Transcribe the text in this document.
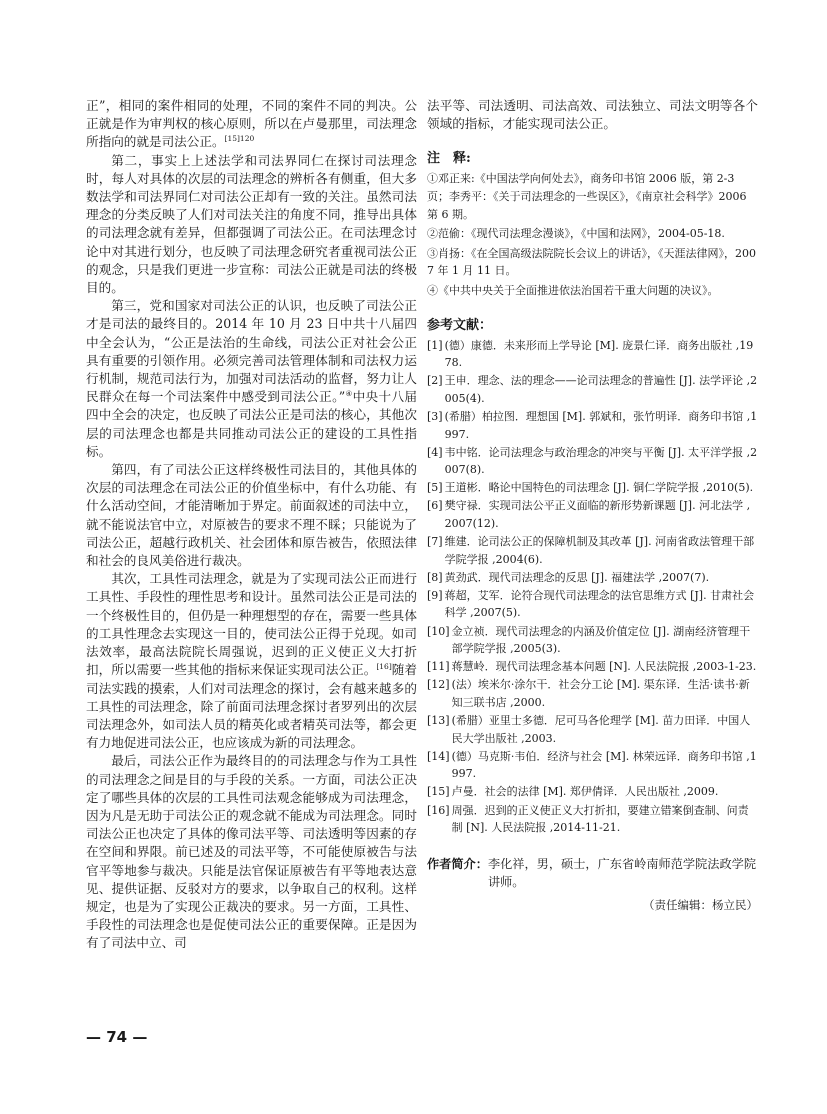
正”，相同的案件相同的处理，不同的案件不同的判决。公正就是作为审判权的核心原则，所以在卢曼那里，司法理念所指向的就是司法公正。$^{[15]120}$

第二，事实上上述法学和司法界同仁在探讨司法理念时，每人对具体的次层的司法理念的辨析各有侧重，但大多数法学和司法界同仁对司法公正却有一致的关注。虽然司法理念的分类反映了人们对司法关注的角度不同，推导出具体的司法理念就有差异，但都强调了司法公正。在司法理念讨论中对其进行划分，也反映了司法理念研究者重视司法公正的观念，只是我们更进一步宣称：司法公正就是司法的终极目的。

第三，党和国家对司法公正的认识，也反映了司法公正才是司法的最终目的。2014 年 10 月 23 日中共十八届四中全会认为，“公正是法治的生命线，司法公正对社会公正具有重要的引领作用。必须完善司法管理体制和司法权力运行机制，规范司法行为，加强对司法活动的监督，努力让人民群众在每一个司法案件中感受到司法公正。”④中央十八届四中全会的决定，也反映了司法公正是司法的核心，其他次层的司法理念也都是共同推动司法公正的建设的工具性指标。

第四，有了司法公正这样终极性司法目的，其他具体的次层的司法理念在司法公正的价值坐标中，有什么功能、有什么活动空间，才能清晰加于界定。前面叙述的司法中立，就不能说法官中立，对原被告的要求不理不睬；只能说为了司法公正，超越行政机关、社会团体和原告被告，依照法律和社会的良风美俗进行裁决。

其次，工具性司法理念，就是为了实现司法公正而进行工具性、手段性的理性思考和设计。虽然司法公正是司法的一个终极性目的，但仍是一种理想型的存在，需要一些具体的工具性理念去实现这一目的，使司法公正得于兑现。如司法效率，最高法院院长周强说，迟到的正义使正义大打折扣，所以需要一些其他的指标来保证实现司法公正。[16]随着司法实践的摸索，人们对司法理念的探讨，会有越来越多的工具性的司法理念，除了前面司法理念探讨者罗列出的次层司法理念外，如司法人员的精英化或者精英司法等，都会更有力地促进司法公正，也应该成为新的司法理念。

最后，司法公正作为最终目的的司法理念与作为工具性的司法理念之间是目的与手段的关系。一方面，司法公正决定了哪些具体的次层的工具性司法观念能够成为司法理念，因为凡是无助于司法公正的观念就不能成为司法理念。同时司法公正也决定了具体的像司法平等、司法透明等因素的存在空间和界限。前已述及的司法平等，不可能使原被告与法官平等地参与裁决。只能是法官保证原被告有平等地表达意见、提供证据、反驳对方的要求，以争取自己的权利。这样规定，也是为了实现公正裁决的要求。另一方面，工具性、手段性的司法理念也是促使司法公正的重要保障。正是因为有了司法中立、司

法平等、司法透明、司法高效、司法独立、司法文明等各个领域的指标，才能实现司法公正。

注　释:

①邓正来:《中国法学向何处去》，商务印书馆 2006 版，第 2-3 页；李秀平：《关于司法理念的一些误区》，《南京社会科学》2006 第 6 期。

②范偷：《现代司法理念漫谈》，《中国和法网》，2004-05-18.

③肖扬：《在全国高级法院院长会议上的讲话》，《天涯法律网》，2007 年 1 月 11 日。

④《中共中央关于全面推进依法治国若干重大问题的决议》。

参考文献：
[1] (德）康德．未来形而上学导论 [M]. 庞景仁译．商务出版社 ,1978.
[2] 王申．理念、法的理念——论司法理念的普遍性 [J]. 法学评论 ,2005(4).
[3] (希腊）柏拉图．理想国 [M]. 郭斌和，张竹明译．商务印书馆 ,1997.
[4] 韦中铭．论司法理念与政治理念的冲突与平衡 [J]. 太平洋学报 ,2007(8).
[5] 王道彬．略论中国特色的司法理念 [J]. 铜仁学院学报 ,2010(5).
[6] 樊守禄．实现司法公平正义面临的新形势新课题 [J]. 河北法学 , 2007(12).
[7] 维建．论司法公正的保障机制及其改革 [J]. 河南省政法管理干部学院学报 ,2004(6).
[8] 黄劲武．现代司法理念的反思 [J]. 福建法学 ,2007(7).
[9] 蒋超，艾军．论符合现代司法理念的法官思维方式 [J]. 甘肃社会科学 ,2007(5).
[10] 金立祯．现代司法理念的内涵及价值定位 [J]. 湖南经济管理干部学院学报 ,2005(3).
[11] 蒋慧岭．现代司法理念基本问题 [N]. 人民法院报 ,2003-1-23.
[12] (法）埃米尔·涂尔干．社会分工论 [M]. 渠东译．生活·读书·新知三联书店 ,2000.
[13] (希腊）亚里士多德．尼可马各伦理学 [M]. 苗力田译．中国人民大学出版社 ,2003.
[14] (德）马克斯·韦伯．经济与社会 [M]. 林荣远译．商务印书馆 ,1997.
[15] 卢曼．社会的法律 [M]. 郑伊倩译．人民出版社 ,2009.
[16] 周强．迟到的正义使正义大打折扣，要建立错案倒查制、问责制 [N]. 人民法院报 ,2014-11-21.
作者简介： 李化祥，男，硕士，广东省岭南师范学院法政学院讲师。
（责任编辑：杨立民）
— 74 —
